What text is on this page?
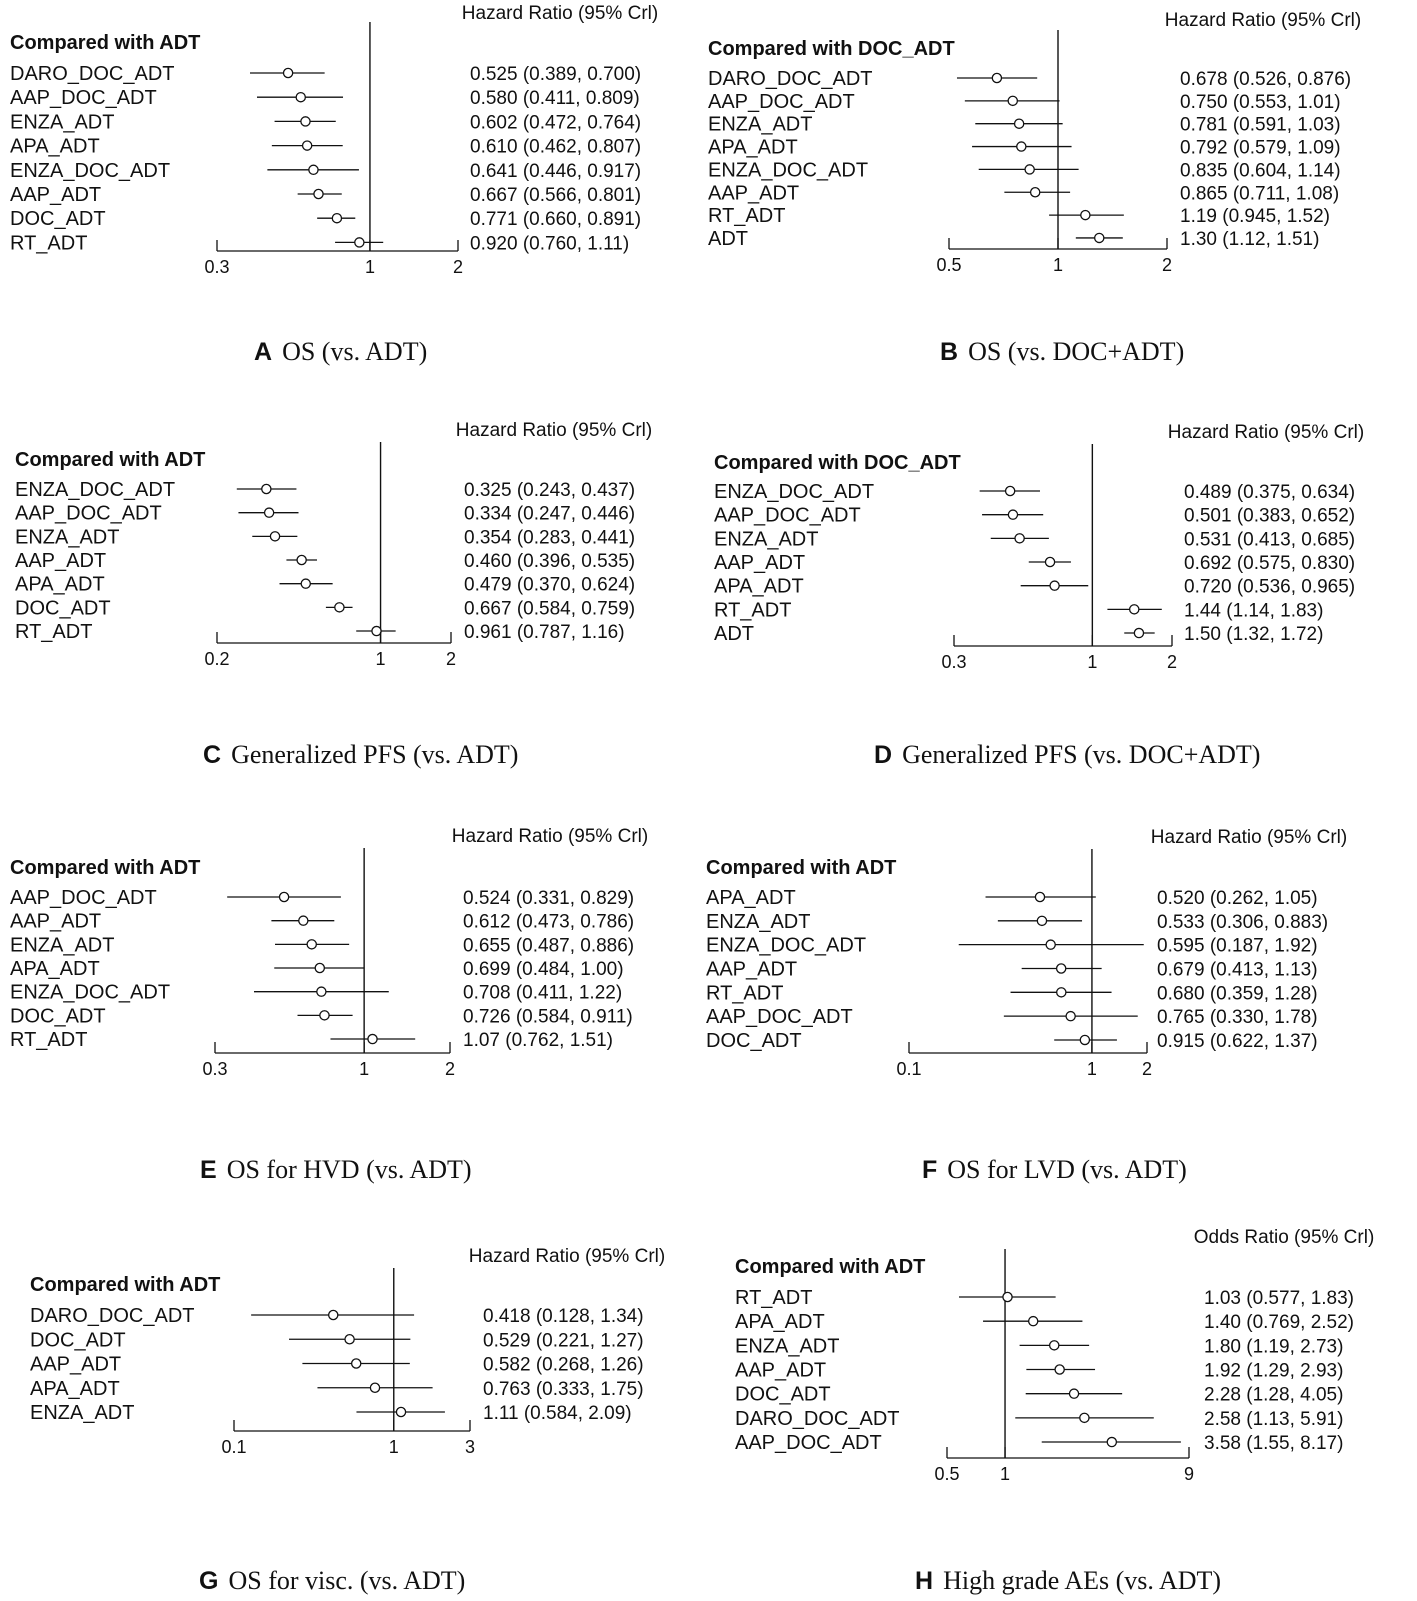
Hazard Ratio (95% Crl)
Compared with ADT
DARO_DOC_ADT	0.525 (0.389, 0.700)
AAP_DOC_ADT	0.580 (0.411, 0.809)
ENZA_ADT	0.602 (0.472, 0.764)
APA_ADT	0.610 (0.462, 0.807)
ENZA_DOC_ADT	0.641 (0.446, 0.917)
AAP_ADT	0.667 (0.566, 0.801)
DOC_ADT	0.771 (0.660, 0.891)
RT_ADT	0.920 (0.760, 1.11)
0.3	1	2
Hazard Ratio (95% Crl)
Compared with DOC_ADT
DARO_DOC_ADT	0.678 (0.526, 0.876)
AAP_DOC_ADT	0.750 (0.553, 1.01)
ENZA_ADT	0.781 (0.591, 1.03)
APA_ADT	0.792 (0.579, 1.09)
ENZA_DOC_ADT	0.835 (0.604, 1.14)
AAP_ADT	0.865 (0.711, 1.08)
RT_ADT	1.19 (0.945, 1.52)
ADT	1.30 (1.12, 1.51)
0.5	1	2
Hazard Ratio (95% Crl)
Compared with ADT
ENZA_DOC_ADT	0.325 (0.243, 0.437)
AAP_DOC_ADT	0.334 (0.247, 0.446)
ENZA_ADT	0.354 (0.283, 0.441)
AAP_ADT	0.460 (0.396, 0.535)
APA_ADT	0.479 (0.370, 0.624)
DOC_ADT	0.667 (0.584, 0.759)
RT_ADT	0.961 (0.787, 1.16)
0.2	1	2
Hazard Ratio (95% Crl)
Compared with DOC_ADT
ENZA_DOC_ADT	0.489 (0.375, 0.634)
AAP_DOC_ADT	0.501 (0.383, 0.652)
ENZA_ADT	0.531 (0.413, 0.685)
AAP_ADT	0.692 (0.575, 0.830)
APA_ADT	0.720 (0.536, 0.965)
RT_ADT	1.44 (1.14, 1.83)
ADT	1.50 (1.32, 1.72)
0.3	1	2
Hazard Ratio (95% Crl)
Compared with ADT
AAP_DOC_ADT	0.524 (0.331, 0.829)
AAP_ADT	0.612 (0.473, 0.786)
ENZA_ADT	0.655 (0.487, 0.886)
APA_ADT	0.699 (0.484, 1.00)
ENZA_DOC_ADT	0.708 (0.411, 1.22)
DOC_ADT	0.726 (0.584, 0.911)
RT_ADT	1.07 (0.762, 1.51)
0.3	1	2
Hazard Ratio (95% Crl)
Compared with ADT
APA_ADT	0.520 (0.262, 1.05)
ENZA_ADT	0.533 (0.306, 0.883)
ENZA_DOC_ADT	0.595 (0.187, 1.92)
AAP_ADT	0.679 (0.413, 1.13)
RT_ADT	0.680 (0.359, 1.28)
AAP_DOC_ADT	0.765 (0.330, 1.78)
DOC_ADT	0.915 (0.622, 1.37)
0.1	1	2
Hazard Ratio (95% Crl)
Compared with ADT
DARO_DOC_ADT	0.418 (0.128, 1.34)
DOC_ADT	0.529 (0.221, 1.27)
AAP_ADT	0.582 (0.268, 1.26)
APA_ADT	0.763 (0.333, 1.75)
ENZA_ADT	1.11 (0.584, 2.09)
0.1	1	3
Odds Ratio (95% Crl)
Compared with ADT
RT_ADT	1.03 (0.577, 1.83)
APA_ADT	1.40 (0.769, 2.52)
ENZA_ADT	1.80 (1.19, 2.73)
AAP_ADT	1.92 (1.29, 2.93)
DOC_ADT	2.28 (1.28, 4.05)
DARO_DOC_ADT	2.58 (1.13, 5.91)
AAP_DOC_ADT	3.58 (1.55, 8.17)
0.5 1	9
A OS (vs. ADT)	B OS (vs. DOC+ADT)
C Generalized PFS (vs. ADT)	D Generalized PFS (vs. DOC+ADT)
E OS for HVD (vs. ADT)	F OS for LVD (vs. ADT)
G OS for visc. (vs. ADT)	H High grade AEs (vs. ADT)
